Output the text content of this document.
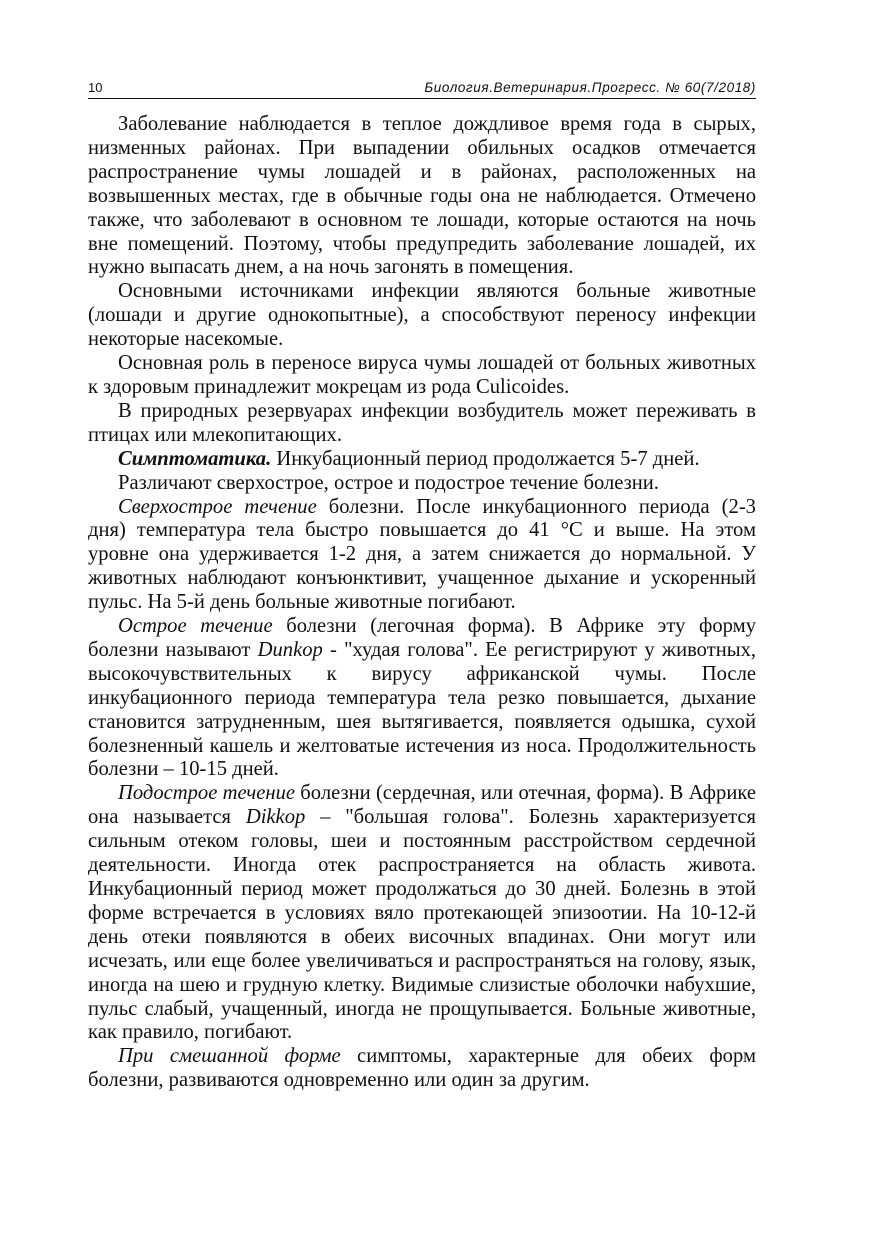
10	Биология.Ветеринария.Прогресс. № 60(7/2018)

Заболевание наблюдается в теплое дождливое время года в сырых, низменных районах. При выпадении обильных осадков отмечается распространение чумы лошадей и в районах, расположенных на возвышенных местах, где в обычные годы она не наблюдается. Отмечено также, что заболевают в основном те лошади, которые остаются на ночь вне помещений. Поэтому, чтобы предупредить заболевание лошадей, их нужно выпасать днем, а на ночь загонять в помещения.

Основными источниками инфекции являются больные животные (лошади и другие однокопытные), а способствуют переносу инфекции некоторые насекомые.

Основная роль в переносе вируса чумы лошадей от больных животных к здоровым принадлежит мокрецам из рода Culicoides.

В природных резервуарах инфекции возбудитель может переживать в птицах или млекопитающих.

Симптоматика. Инкубационный период продолжается 5-7 дней.

Различают сверхострое, острое и подострое течение болезни.

Сверхострое течение болезни. После инкубационного периода (2-3 дня) температура тела быстро повышается до 41 °С и выше. На этом уровне она удерживается 1-2 дня, а затем снижается до нормальной. У животных наблюдают конъюнктивит, учащенное дыхание и ускоренный пульс. На 5-й день больные животные погибают.

Острое течение болезни (легочная форма). В Африке эту форму болезни называют Dunkop - "худая голова". Ее регистрируют у животных, высокочувствительных к вирусу африканской чумы. После инкубационного периода температура тела резко повышается, дыхание становится затрудненным, шея вытягивается, появляется одышка, сухой болезненный кашель и желтоватые истечения из носа. Продолжительность болезни – 10-15 дней.

Подострое течение болезни (сердечная, или отечная, форма). В Африке она называется Dikkop – "большая голова". Болезнь характеризуется сильным отеком головы, шеи и постоянным расстройством сердечной деятельности. Иногда отек распространяется на область живота. Инкубационный период может продолжаться до 30 дней. Болезнь в этой форме встречается в условиях вяло протекающей эпизоотии. На 10-12-й день отеки появляются в обеих височных впадинах. Они могут или исчезать, или еще более увеличиваться и распространяться на голову, язык, иногда на шею и грудную клетку. Видимые слизистые оболочки набухшие, пульс слабый, учащенный, иногда не прощупывается. Больные животные, как правило, погибают.

При смешанной форме симптомы, характерные для обеих форм болезни, развиваются одновременно или один за другим.
